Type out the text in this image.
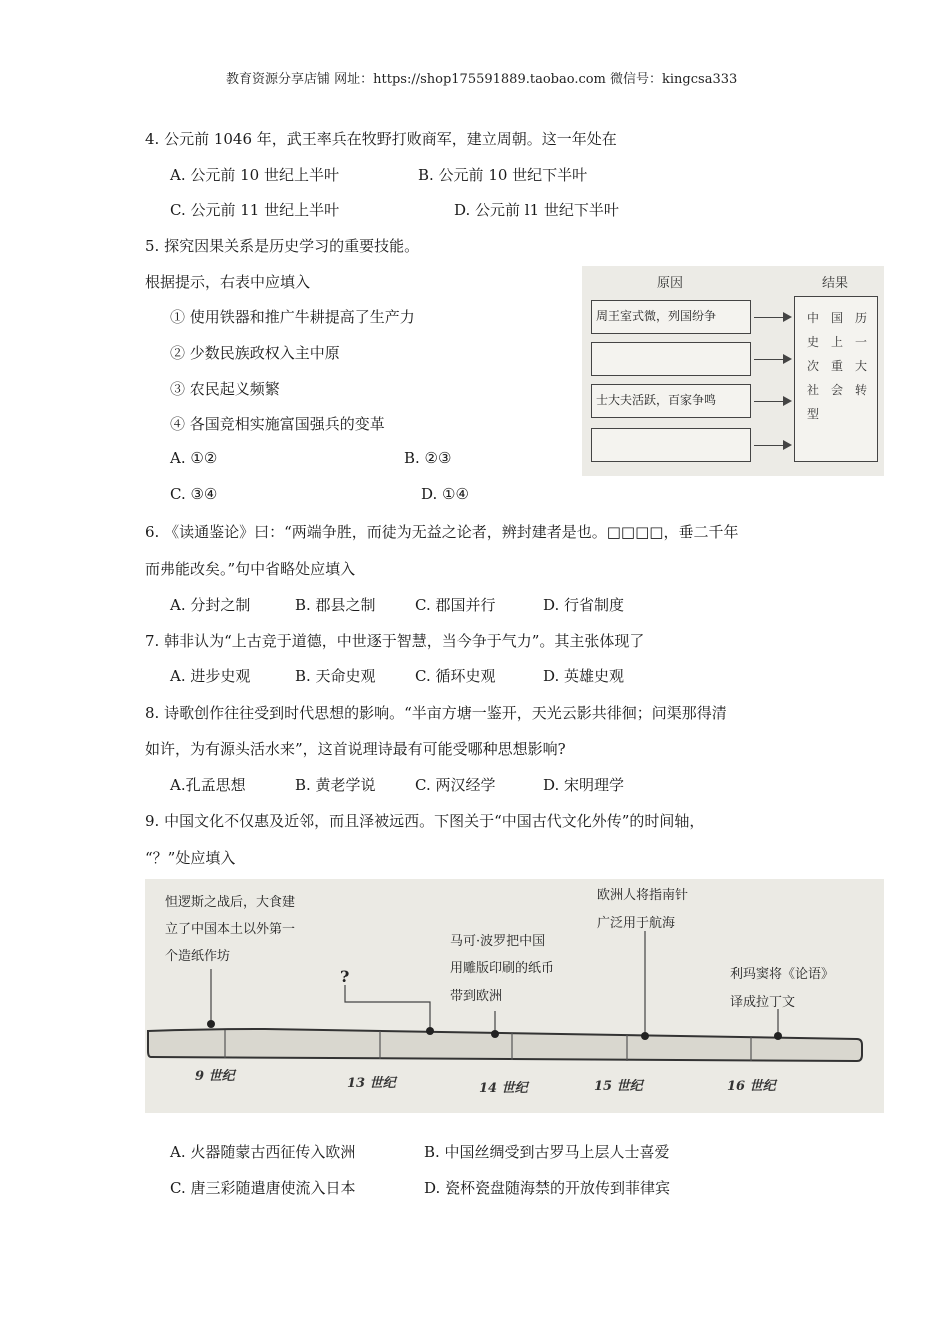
教育资源分享店铺 网址：https://shop175591889.taobao.com 微信号：kingcsa333
4. 公元前 1046 年，武王率兵在牧野打败商军，建立周朝。这一年处在
A. 公元前 10 世纪上半叶	B. 公元前 10 世纪下半叶
C. 公元前 11 世纪上半叶	D. 公元前 l1 世纪下半叶
5. 探究因果关系是历史学习的重要技能。
根据提示，右表中应填入
① 使用铁器和推广牛耕提高了生产力
② 少数民族政权入主中原
③ 农民起义频繁
④ 各国竞相实施富国强兵的变革
A. ①②	B. ②③
C. ③④	D. ①④
原因	结果
周王室式微，列国纷争
士大夫活跃，百家争鸣
中 国 历
史 上 一
次 重 大
社 会 转
型
6. 《读通鉴论》曰：“两端争胜，而徒为无益之论者，辨封建者是也。□□□□，垂二千年
而弗能改矣。”句中省略处应填入
A. 分封之制	B. 郡县之制	C. 郡国并行	D. 行省制度
7. 韩非认为“上古竞于道德，中世逐于智慧，当今争于气力”。其主张体现了
A. 进步史观	B. 天命史观	C. 循环史观	D. 英雄史观
8. 诗歌创作往往受到时代思想的影响。“半亩方塘一鉴开，天光云影共徘徊；问渠那得清
如许，为有源头活水来”，这首说理诗最有可能受哪种思想影响?
A.孔孟思想	B. 黄老学说	C. 两汉经学	D. 宋明理学
9. 中国文化不仅惠及近邻，而且泽被远西。下图关于“中国古代文化外传”的时间轴，
“？”处应填入
怛逻斯之战后，大食建
立了中国本土以外第一
个造纸作坊
?
马可·波罗把中国
用雕版印刷的纸币
带到欧洲
欧洲人将指南针
广泛用于航海
利玛窦将《论语》
译成拉丁文
9 世纪	13 世纪	14 世纪	15 世纪	16 世纪
A. 火器随蒙古西征传入欧洲	B. 中国丝绸受到古罗马上层人士喜爱
C. 唐三彩随遣唐使流入日本	D. 瓷杯瓷盘随海禁的开放传到菲律宾
